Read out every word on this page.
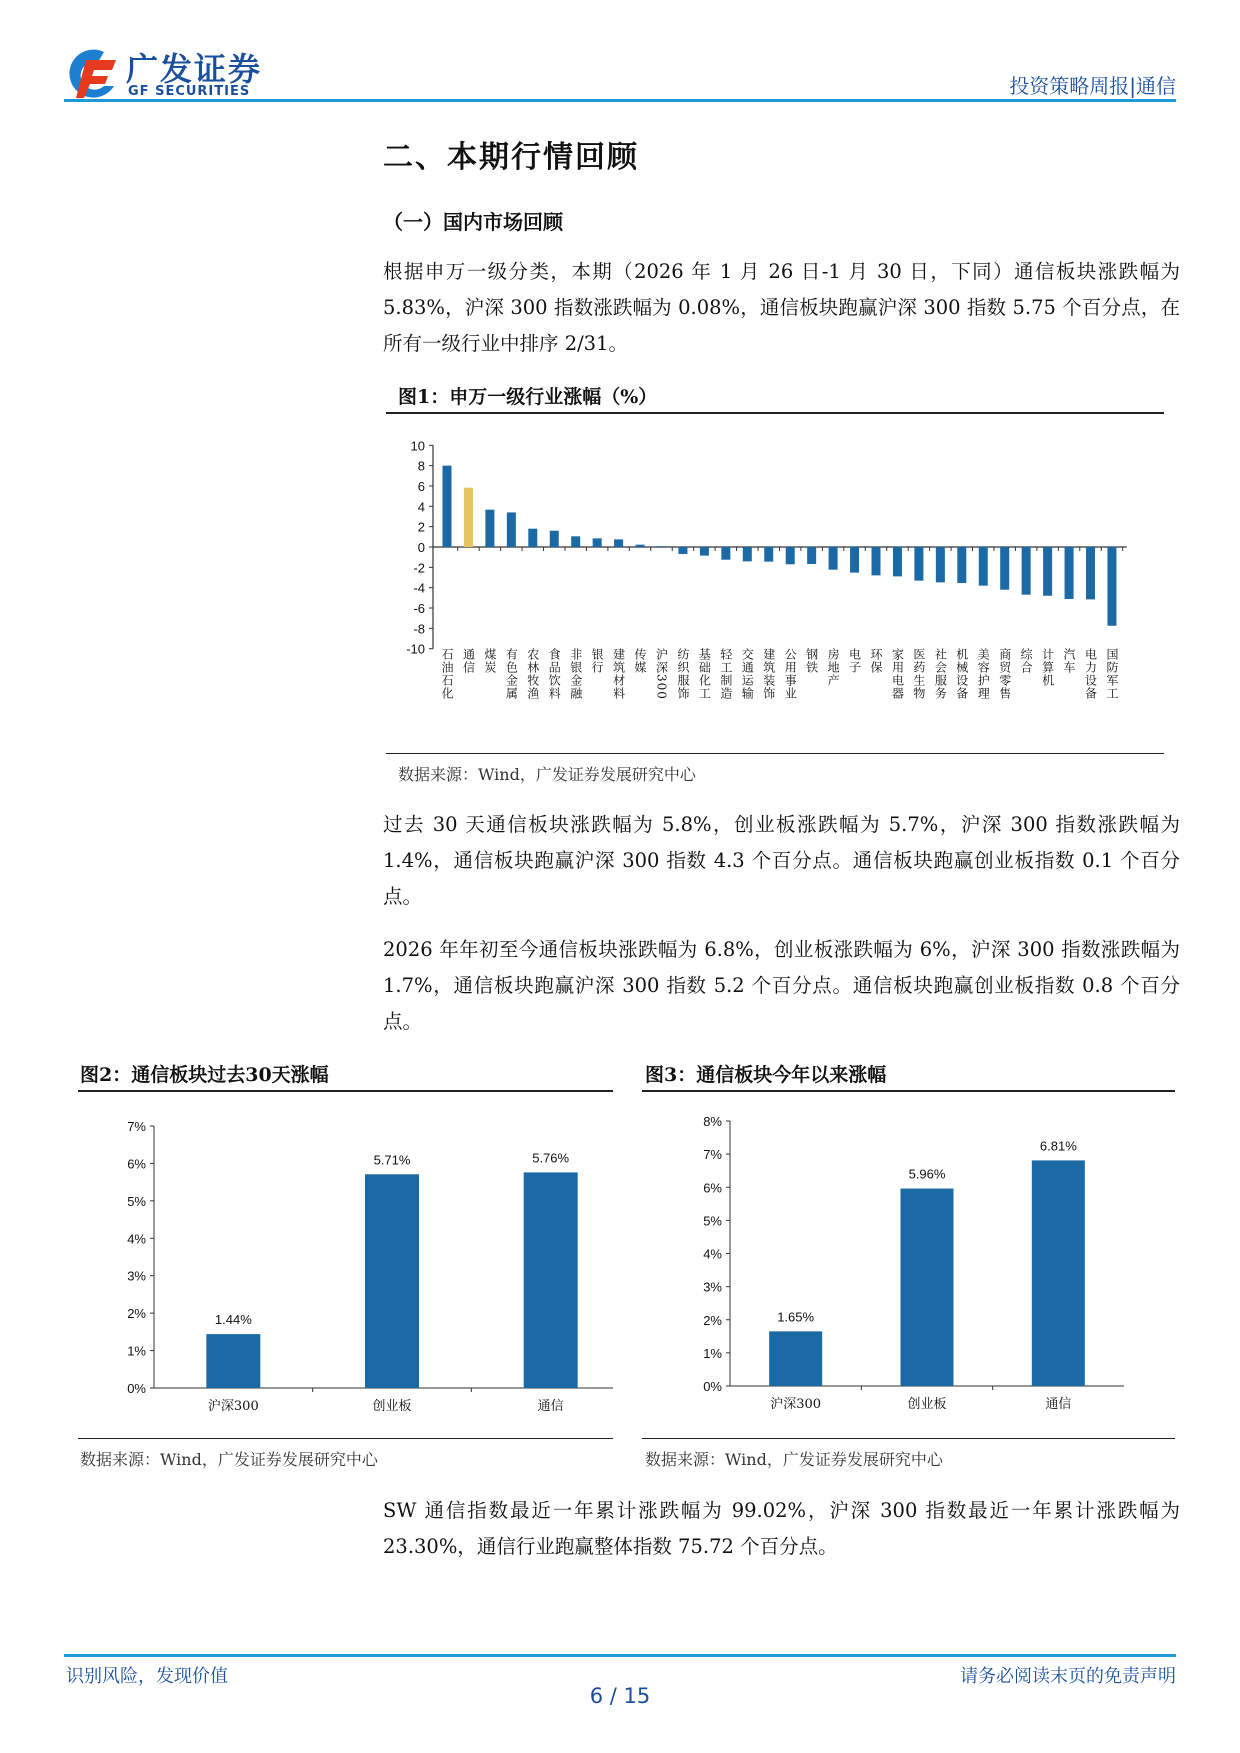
广发证券
GF SECURITIES	投资策略周报|通信
二、本期行情回顾
（一）国内市场回顾
根据申万一级分类，本期（2026 年 1 月 26 日-1 月 30 日，下同）通信板块涨跌幅为 5.83%，沪深 300 指数涨跌幅为 0.08%，通信板块跑赢沪深 300 指数 5.75 个百分点，在所有一级行业中排序 2/31。
图1：申万一级行业涨幅（%）
10
8
6
4
2
0
-2
-4
-6
-8
-10 石油石化 通信 煤炭 有色金属 农林牧渔 食品饮料 非银金融 银行 建筑材料 传媒 沪深300 纺织服饰 基础化工 轻工制造 交通运输 建筑装饰 公用事业 钢铁 房地产 电子 环保 家用电器 医药生物 社会服务 机械设备 美容护理 商贸零售 综合 计算机 汽车 电力设备 国防军工
数据来源：Wind，广发证券发展研究中心
过去 30 天通信板块涨跌幅为 5.8%，创业板涨跌幅为 5.7%，沪深 300 指数涨跌幅为 1.4%，通信板块跑赢沪深 300 指数 4.3 个百分点。通信板块跑赢创业板指数 0.1 个百分点。
2026 年年初至今通信板块涨跌幅为 6.8%，创业板涨跌幅为 6%，沪深 300 指数涨跌幅为 1.7%，通信板块跑赢沪深 300 指数 5.2 个百分点。通信板块跑赢创业板指数 0.8 个百分点。
图2：通信板块过去30天涨幅
0%
1%
2%
3%
4%
5%
6%
7%
1.44%
沪深300
5.71%
创业板
5.76%
通信
数据来源：Wind，广发证券发展研究中心
图3：通信板块今年以来涨幅
0%
1%
2%
3%
4%
5%
6%
7%
8%
1.65%
沪深300
5.96%
创业板
6.81%
通信
数据来源：Wind，广发证券发展研究中心
SW 通信指数最近一年累计涨跌幅为 99.02%，沪深 300 指数最近一年累计涨跌幅为 23.30%，通信行业跑赢整体指数 75.72 个百分点。
识别风险，发现价值	请务必阅读末页的免责声明
6 / 15
